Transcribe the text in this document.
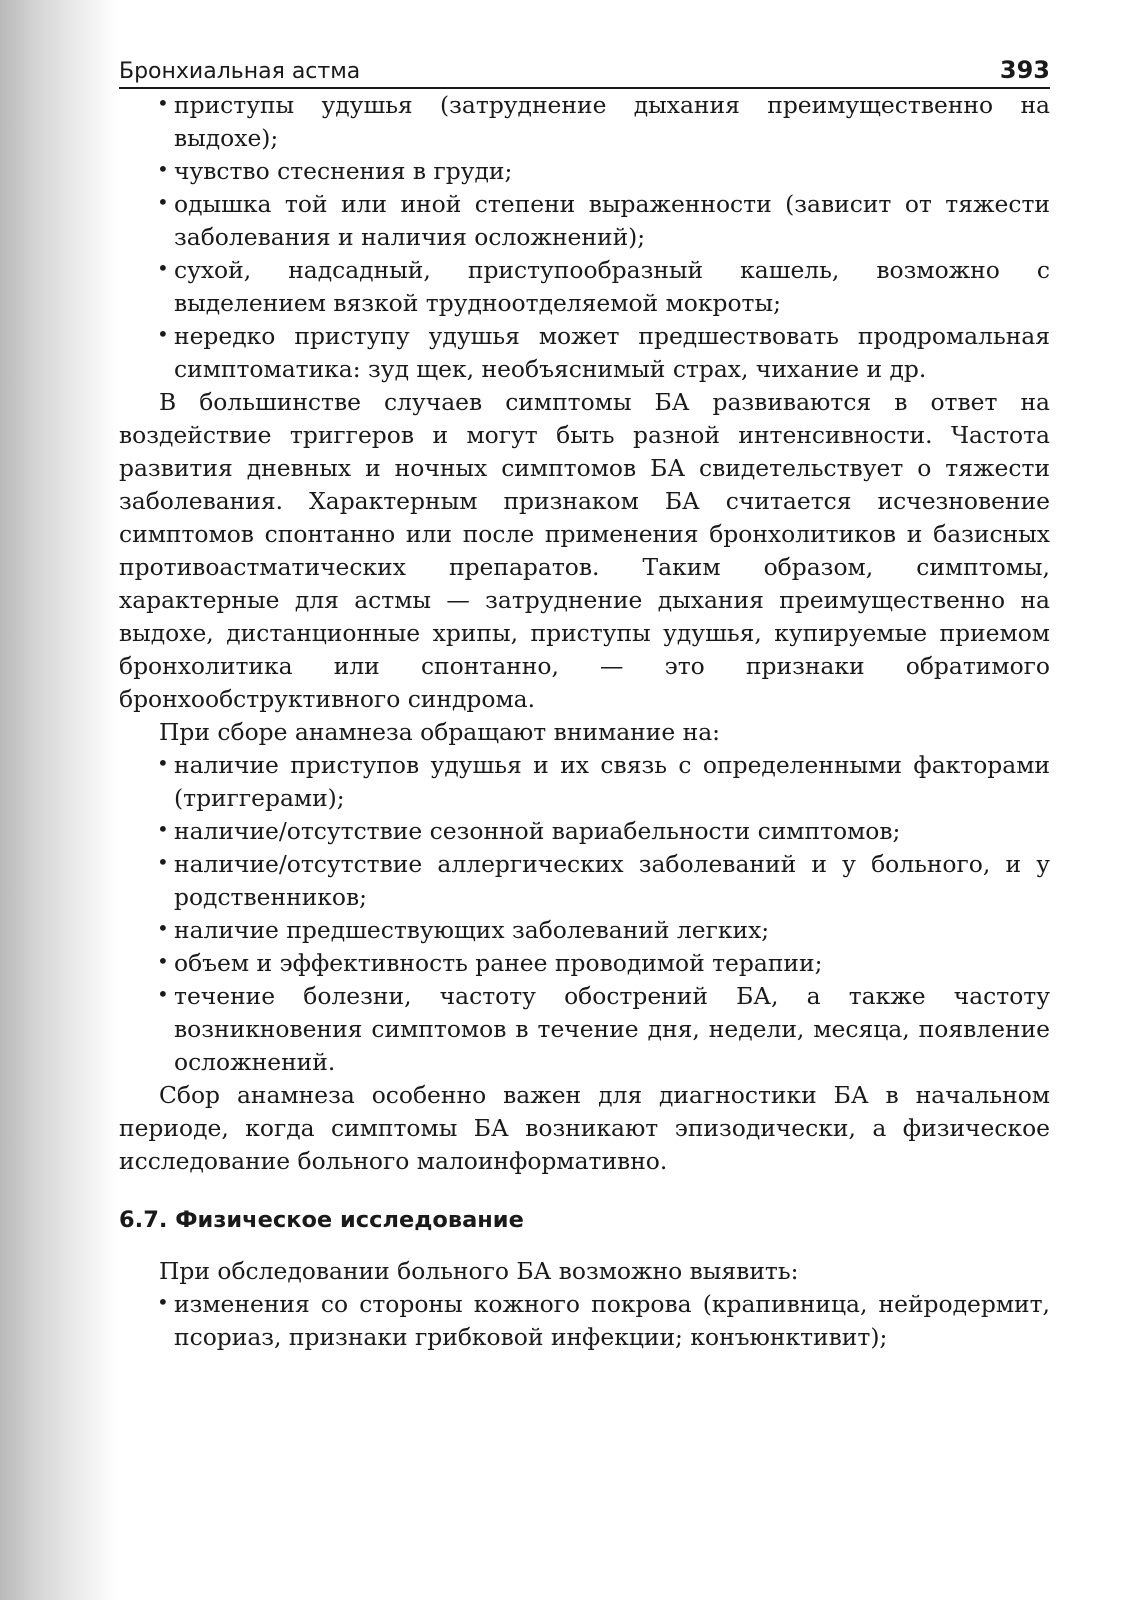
Бронхиальная астма	393
• приступы удушья (затруднение дыхания преимущественно на выдохе);
• чувство стеснения в груди;
• одышка той или иной степени выраженности (зависит от тяжести заболевания и наличия осложнений);
• сухой, надсадный, приступообразный кашель, возможно с выделением вязкой трудноотделяемой мокроты;
• нередко приступу удушья может предшествовать продромальная симптоматика: зуд щек, необъяснимый страх, чихание и др.

В большинстве случаев симптомы БА развиваются в ответ на воздействие триггеров и могут быть разной интенсивности. Частота развития дневных и ночных симптомов БА свидетельствует о тяжести заболевания. Характерным признаком БА считается исчезновение симптомов спонтанно или после применения бронхолитиков и базисных противоастматических препаратов. Таким образом, симптомы, характерные для астмы — затруднение дыхания преимущественно на выдохе, дистанционные хрипы, приступы удушья, купируемые приемом бронхолитика или спонтанно, — это признаки обратимого бронхообструктивного синдрома.

При сборе анамнеза обращают внимание на:

• наличие приступов удушья и их связь с определенными факторами (триггерами);
• наличие/отсутствие сезонной вариабельности симптомов;
• наличие/отсутствие аллергических заболеваний и у больного, и у родственников;
• наличие предшествующих заболеваний легких;
• объем и эффективность ранее проводимой терапии;
• течение болезни, частоту обострений БА, а также частоту возникновения симптомов в течение дня, недели, месяца, появление осложнений.

Сбор анамнеза особенно важен для диагностики БА в начальном периоде, когда симптомы БА возникают эпизодически, а физическое исследование больного малоинформативно.

6.7. Физическое исследование

При обследовании больного БА возможно выявить:

• изменения со стороны кожного покрова (крапивница, нейродермит, псориаз, признаки грибковой инфекции; конъюнктивит);
